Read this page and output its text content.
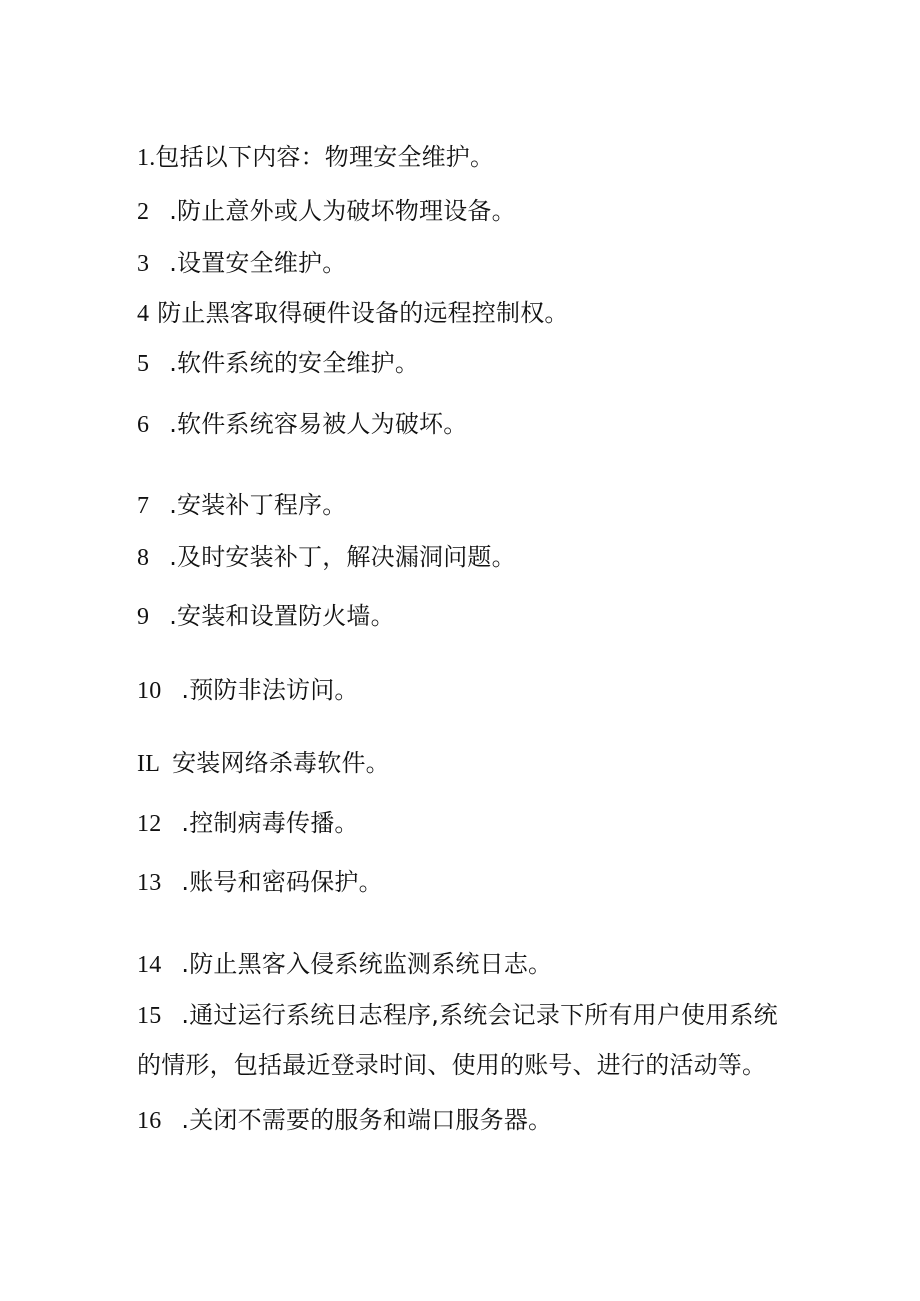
1.包括以下内容：物理安全维护。
2 .防止意外或人为破坏物理设备。
3 .设置安全维护。
4 防止黑客取得硬件设备的远程控制权。
5 .软件系统的安全维护。
6 .软件系统容易被人为破坏。
7 .安装补丁程序。
8 .及时安装补丁，解决漏洞问题。
9 .安装和设置防火墙。
10 .预防非法访问。
IL 安装网络杀毒软件。
12 .控制病毒传播。
13 .账号和密码保护。
14 .防止黑客入侵系统监测系统日志。
15 .通过运行系统日志程序,系统会记录下所有用户使用系统
的情形，包括最近登录时间、使用的账号、进行的活动等。
16 .关闭不需要的服务和端口服务器。
